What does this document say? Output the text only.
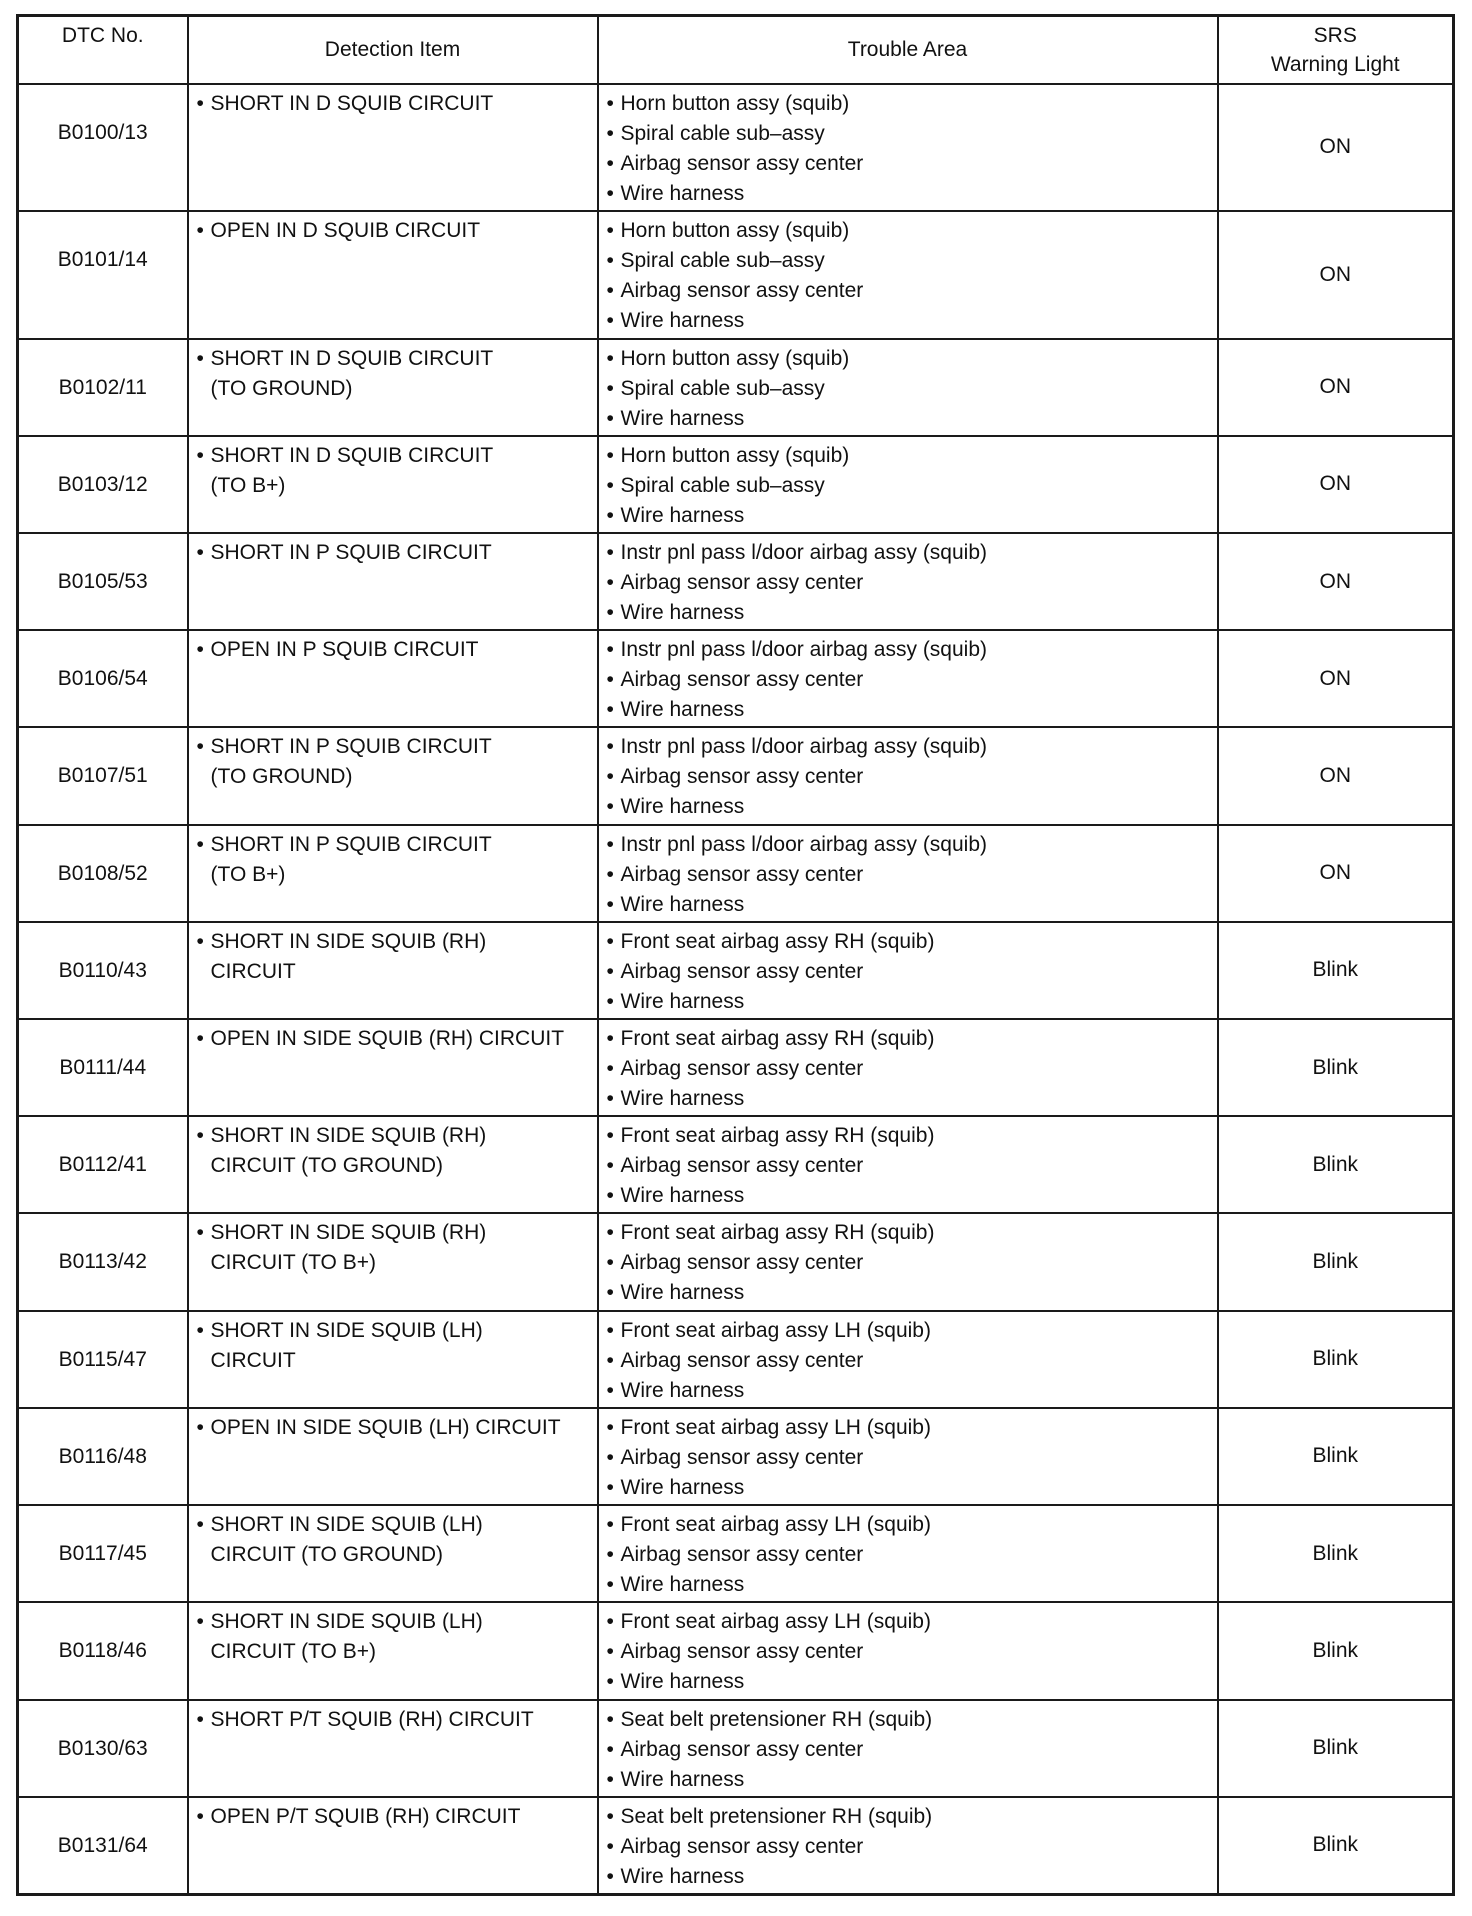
DTC No.	Detection Item	Trouble Area	SRS
Warning Light

B0100/13	• SHORT IN D SQUIB CIRCUIT	• Horn button assy (squib)
• Spiral cable sub–assy
• Airbag sensor assy center
• Wire harness	ON
B0101/14	• OPEN IN D SQUIB CIRCUIT	• Horn button assy (squib)
• Spiral cable sub–assy
• Airbag sensor assy center
• Wire harness	ON
B0102/11	• SHORT IN D SQUIB CIRCUIT
(TO GROUND)	• Horn button assy (squib)
• Spiral cable sub–assy
• Wire harness	ON
B0103/12	• SHORT IN D SQUIB CIRCUIT
(TO B+)	• Horn button assy (squib)
• Spiral cable sub–assy
• Wire harness	ON
B0105/53	• SHORT IN P SQUIB CIRCUIT	• Instr pnl pass l/door airbag assy (squib)
• Airbag sensor assy center
• Wire harness	ON
B0106/54	• OPEN IN P SQUIB CIRCUIT	• Instr pnl pass l/door airbag assy (squib)
• Airbag sensor assy center
• Wire harness	ON
B0107/51	• SHORT IN P SQUIB CIRCUIT
(TO GROUND)	• Instr pnl pass l/door airbag assy (squib)
• Airbag sensor assy center
• Wire harness	ON
B0108/52	• SHORT IN P SQUIB CIRCUIT
(TO B+)	• Instr pnl pass l/door airbag assy (squib)
• Airbag sensor assy center
• Wire harness	ON
B0110/43	• SHORT IN SIDE SQUIB (RH)
CIRCUIT	• Front seat airbag assy RH (squib)
• Airbag sensor assy center
• Wire harness	Blink
B0111/44	• OPEN IN SIDE SQUIB (RH) CIRCUIT	• Front seat airbag assy RH (squib)
• Airbag sensor assy center
• Wire harness	Blink
B0112/41	• SHORT IN SIDE SQUIB (RH)
CIRCUIT (TO GROUND)	• Front seat airbag assy RH (squib)
• Airbag sensor assy center
• Wire harness	Blink
B0113/42	• SHORT IN SIDE SQUIB (RH)
CIRCUIT (TO B+)	• Front seat airbag assy RH (squib)
• Airbag sensor assy center
• Wire harness	Blink
B0115/47	• SHORT IN SIDE SQUIB (LH)
CIRCUIT	• Front seat airbag assy LH (squib)
• Airbag sensor assy center
• Wire harness	Blink
B0116/48	• OPEN IN SIDE SQUIB (LH) CIRCUIT	• Front seat airbag assy LH (squib)
• Airbag sensor assy center
• Wire harness	Blink
B0117/45	• SHORT IN SIDE SQUIB (LH)
CIRCUIT (TO GROUND)	• Front seat airbag assy LH (squib)
• Airbag sensor assy center
• Wire harness	Blink
B0118/46	• SHORT IN SIDE SQUIB (LH)
CIRCUIT (TO B+)	• Front seat airbag assy LH (squib)
• Airbag sensor assy center
• Wire harness	Blink
B0130/63	• SHORT P/T SQUIB (RH) CIRCUIT	• Seat belt pretensioner RH (squib)
• Airbag sensor assy center
• Wire harness	Blink
B0131/64	• OPEN P/T SQUIB (RH) CIRCUIT	• Seat belt pretensioner RH (squib)
• Airbag sensor assy center
• Wire harness	Blink
